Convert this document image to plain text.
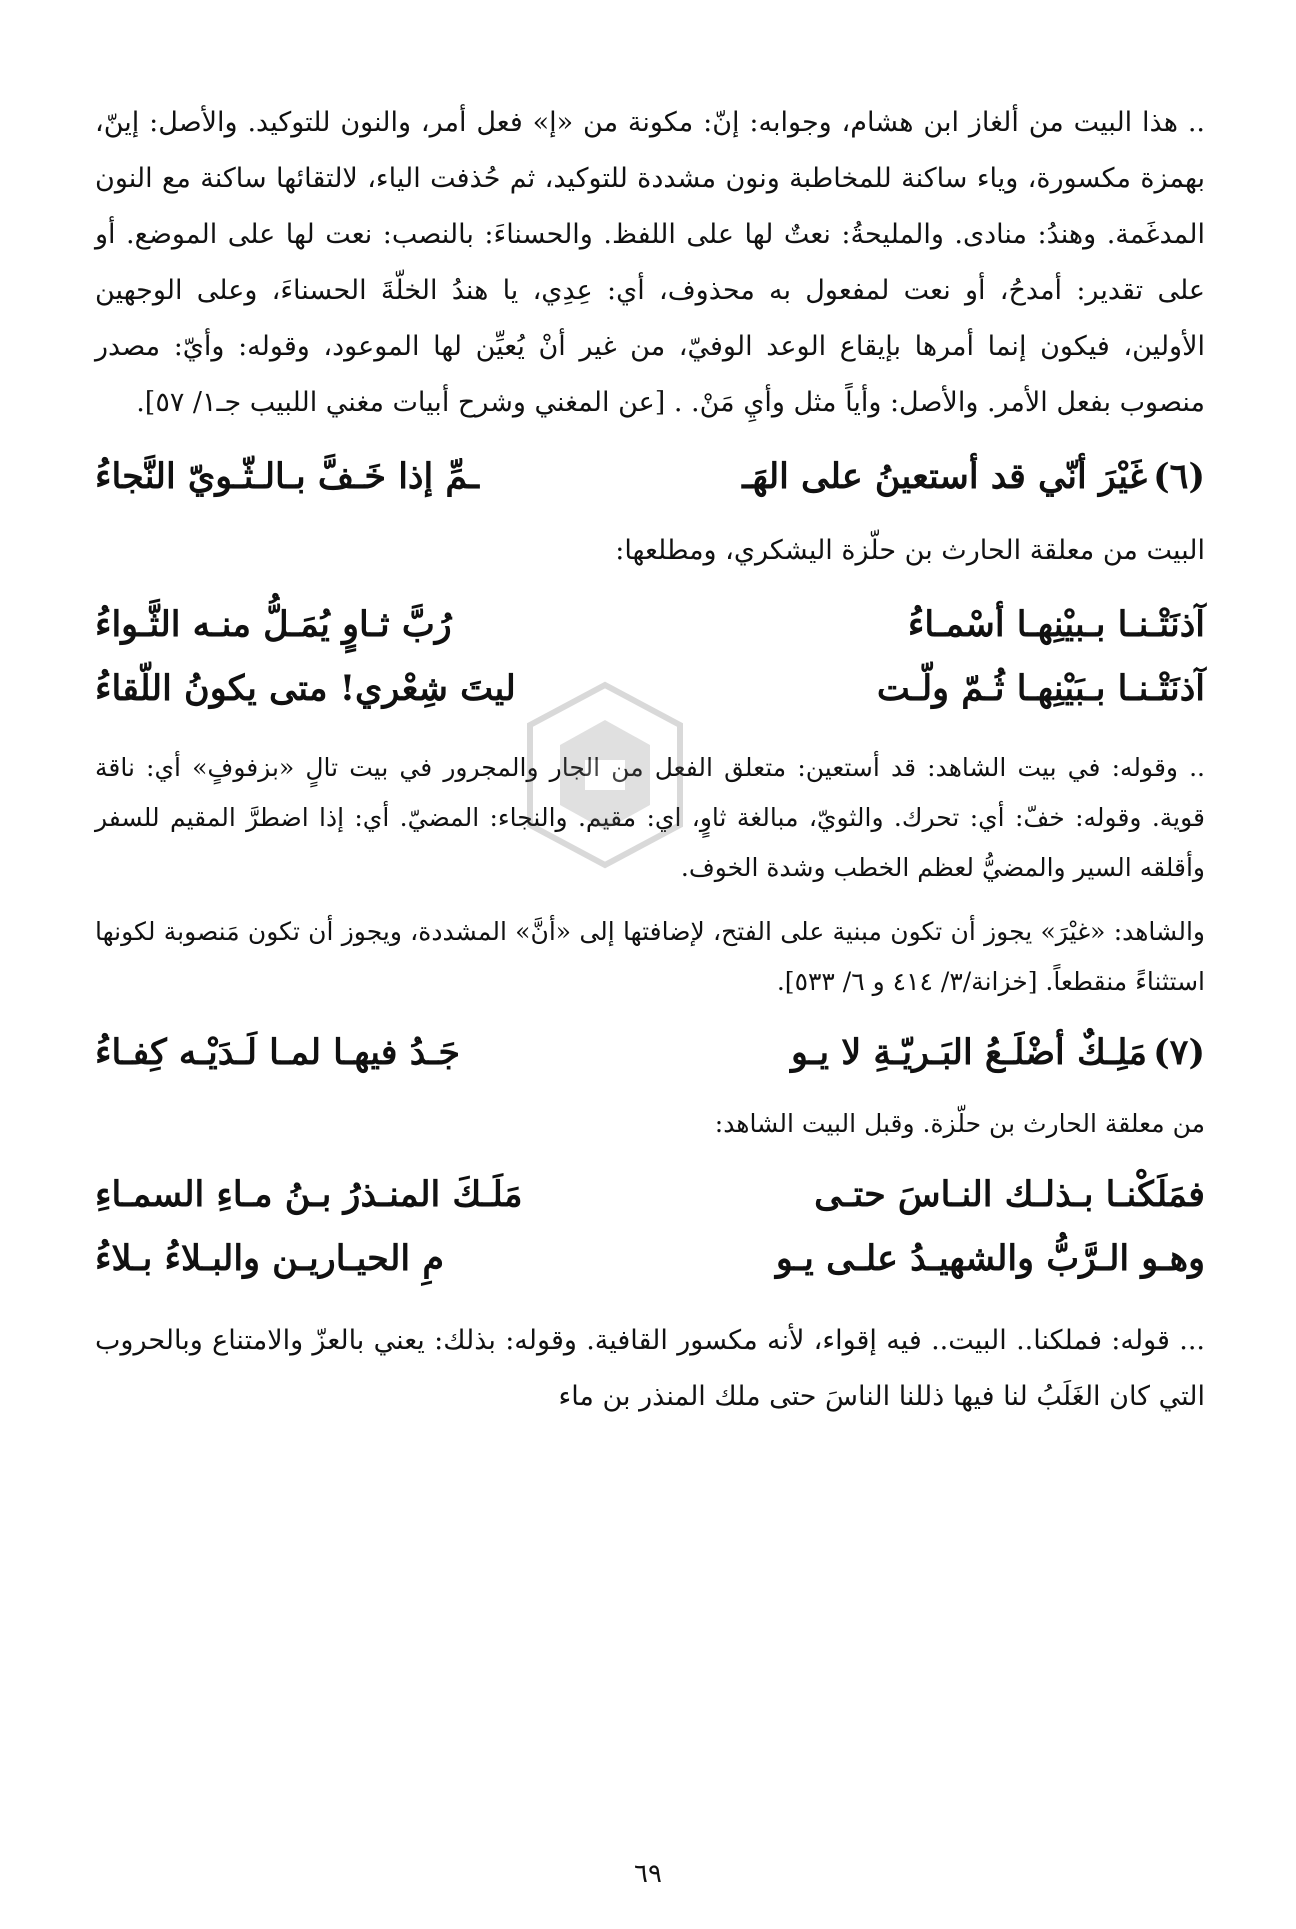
.. هذا البيت من ألغاز ابن هشام، وجوابه: إنّ: مكونة من «إ» فعل أمر، والنون للتوكيد. والأصل: إينّ، بهمزة مكسورة، وياء ساكنة للمخاطبة ونون مشددة للتوكيد، ثم حُذفت الياء، لالتقائها ساكنة مع النون المدغَمة. وهندُ: منادى. والمليحةُ: نعتٌ لها على اللفظ. والحسناءَ: بالنصب: نعت لها على الموضع. أو على تقدير: أمدحُ، أو نعت لمفعول به محذوف، أي: عِدِي، يا هندُ الخلّةَ الحسناءَ، وعلى الوجهين الأولين، فيكون إنما أمرها بإيقاع الوعد الوفيّ، من غير أنْ يُعيِّن لها الموعود، وقوله: وأيّ: مصدر منصوب بفعل الأمر. والأصل: وأياً مثل وأيِ مَنْ. . [عن المغني وشرح أبيات مغني اللبيب جـ١/ ٥٧].

(٦)غَيْرَ أنّي قد أستعينُ على الهَـ
ـمِّ إذا خَـفَّ بـالـثّـويّ النَّجاءُ

البيت من معلقة الحارث بن حلّزة اليشكري، ومطلعها:

آذنَتْـنـا بـبيْنِهـا أسْمـاءُ
رُبَّ ثـاوٍ يُمَـلُّ منـه الثَّـواءُ
آذنَتْـنـا بـبَيْنِهـا ثُـمّ ولّـت
ليتَ شِعْري! متى يكونُ اللّقاءُ

.. وقوله: في بيت الشاهد: قد أستعين: متعلق الفعل من الجار والمجرور في بيت تالٍ «بزفوفٍ» أي: ناقة قوية. وقوله: خفّ: أي: تحرك. والثويّ، مبالغة ثاوٍ، اي: مقيم. والنجاء: المضيّ. أي: إذا اضطرَّ المقيم للسفر وأقلقه السير والمضيُّ لعظم الخطب وشدة الخوف.

والشاهد: «غيْرَ» يجوز أن تكون مبنية على الفتح، لإضافتها إلى «أنَّ» المشددة، ويجوز أن تكون مَنصوبة لكونها استثناءً منقطعاً. [خزانة/٣/ ٤١٤ و ٦/ ٥٣٣].

(٧)مَلِـكٌ أضْلَـعُ البَـريّـةِ لا يـو
جَـدُ فيهـا لمـا لَـدَيْـه كِفـاءُ

من معلقة الحارث بن حلّزة. وقبل البيت الشاهد:

فمَلَكْنـا بـذلـك النـاسَ حتـى
مَلَـكَ المنـذرُ بـنُ مـاءِ السمـاءِ
وهـو الـرَّبُّ والشهيـدُ علـى يـو
مِ الحيـاريـن والبـلاءُ بـلاءُ

... قوله: فملكنا.. البيت.. فيه إقواء، لأنه مكسور القافية. وقوله: بذلك: يعني بالعزّ والامتناع وبالحروب التي كان الغَلَبُ لنا فيها ذللنا الناسَ حتى ملك المنذر بن ماء

٦٩
